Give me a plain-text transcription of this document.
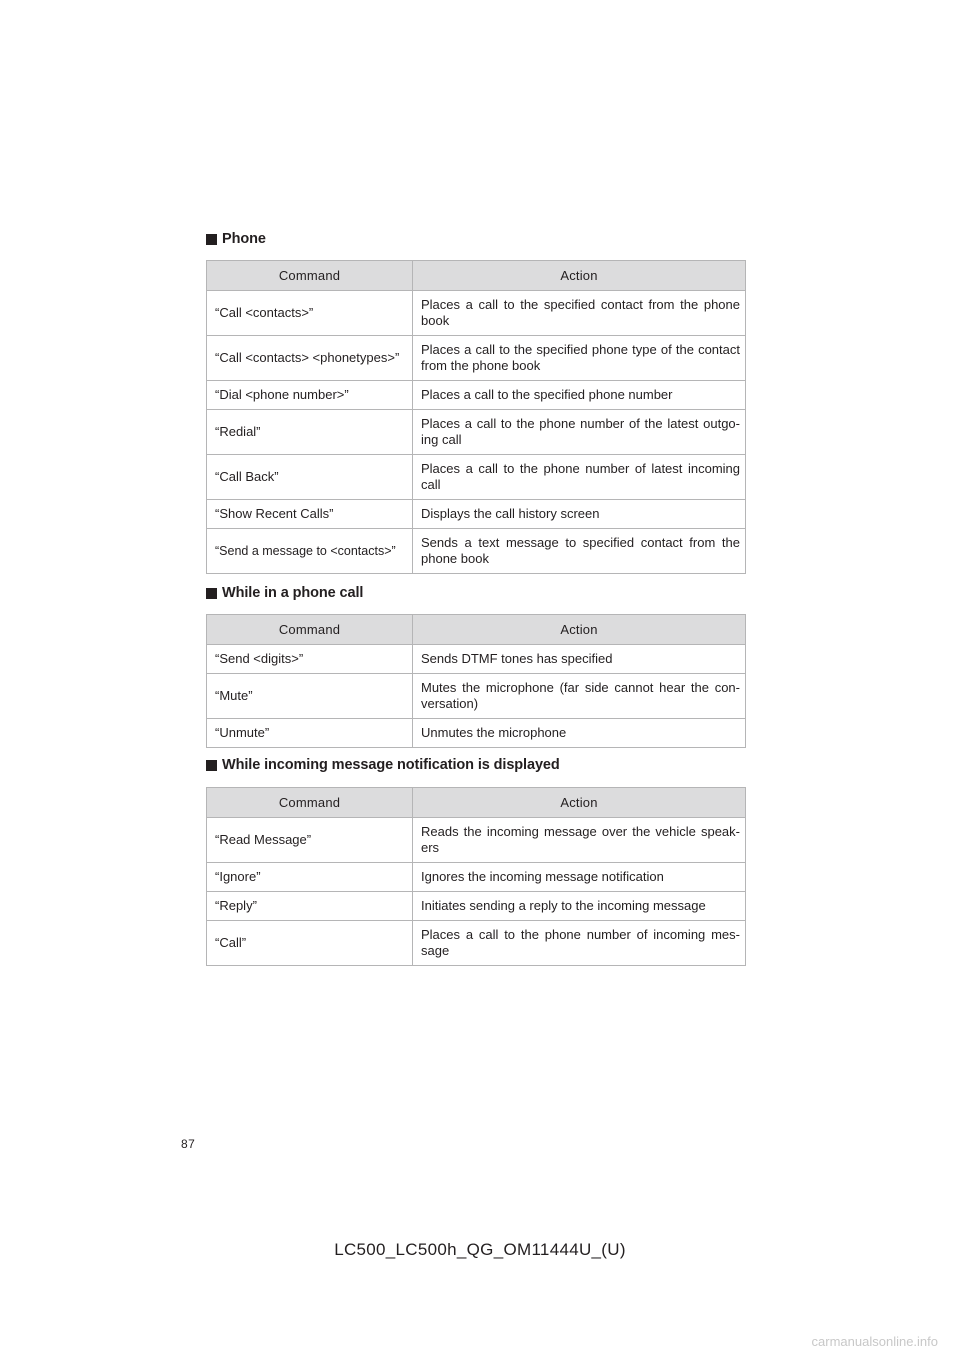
Phone
Command	Action
“Call <contacts>”	Places a call to the specified contact from the phone book
“Call <contacts> <phonetypes>”	Places a call to the specified phone type of the contact from the phone book
“Dial <phone number>”	Places a call to the specified phone number
“Redial”	Places a call to the phone number of the latest outgo-ing call
“Call Back”	Places a call to the phone number of latest incoming call
“Show Recent Calls”	Displays the call history screen
“Send a message to <contacts>”	Sends a text message to specified contact from the phone book
While in a phone call
Command	Action
“Send <digits>”	Sends DTMF tones has specified
“Mute”	Mutes the microphone (far side cannot hear the con-versation)
“Unmute”	Unmutes the microphone
While incoming message notification is displayed
Command	Action
“Read Message”	Reads the incoming message over the vehicle speak-ers
“Ignore”	Ignores the incoming message notification
“Reply”	Initiates sending a reply to the incoming message
“Call”	Places a call to the phone number of incoming mes-sage
87
LC500_LC500h_QG_OM11444U_(U)
carmanualsonline.info
